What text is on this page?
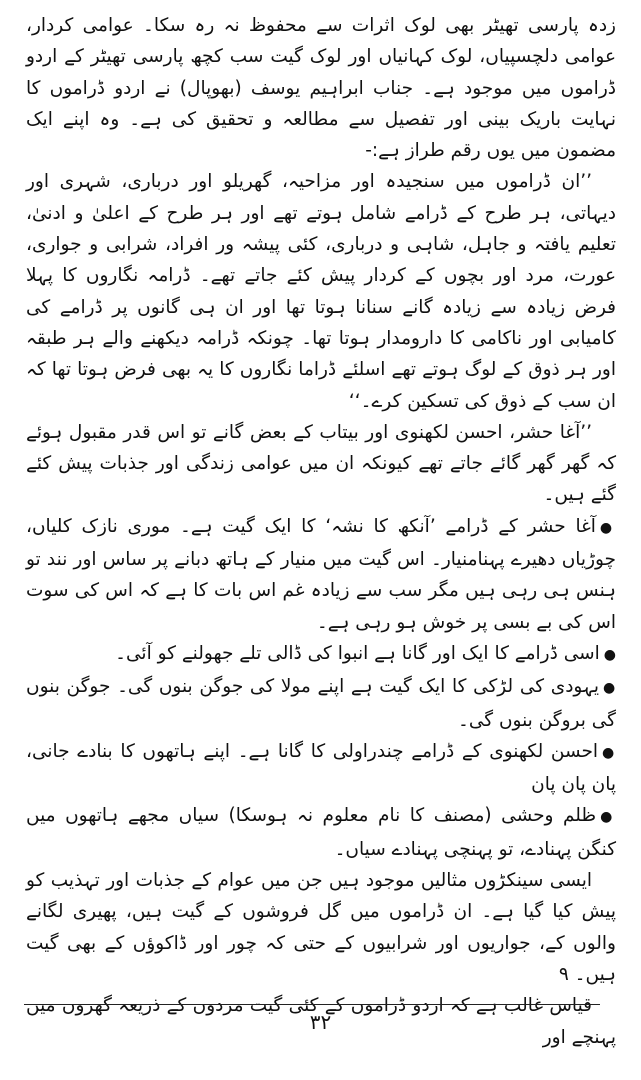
زدہ پارسی تھیٹر بھی لوک اثرات سے محفوظ نہ رہ سکا۔ عوامی کردار، عوامی دلچسپیاں، لوک کہانیاں اور لوک گیت سب کچھ پارسی تھیٹر کے اردو ڈراموں میں موجود ہے۔ جناب ابراہیم یوسف (بھوپال) نے اردو ڈراموں کا نہایت باریک بینی اور تفصیل سے مطالعہ و تحقیق کی ہے۔ وہ اپنے ایک مضمون میں یوں رقم طراز ہے:-

’’ان ڈراموں میں سنجیدہ اور مزاحیہ، گھریلو اور درباری، شہری اور دیہاتی، ہر طرح کے ڈرامے شامل ہوتے تھے اور ہر طرح کے اعلیٰ و ادنیٰ، تعلیم یافتہ و جاہل، شاہی و درباری، کئی پیشہ ور افراد، شرابی و جواری، عورت، مرد اور بچوں کے کردار پیش کئے جاتے تھے۔ ڈرامہ نگاروں کا پہلا فرض زیادہ سے زیادہ گانے سنانا ہوتا تھا اور ان ہی گانوں پر ڈرامے کی کامیابی اور ناکامی کا دارومدار ہوتا تھا۔ چونکہ ڈرامہ دیکھنے والے ہر طبقہ اور ہر ذوق کے لوگ ہوتے تھے اسلئے ڈراما نگاروں کا یہ بھی فرض ہوتا تھا کہ ان سب کے ذوق کی تسکین کرے۔‘‘

’’آغا حشر، احسن لکھنوی اور بیتاب کے بعض گانے تو اس قدر مقبول ہوئے کہ گھر گھر گائے جاتے تھے کیونکہ ان میں عوامی زندگی اور جذبات پیش کئے گئے ہیں۔

●آغا حشر کے ڈرامے ’آنکھ کا نشہ‘ کا ایک گیت ہے۔ موری نازک کلیاں، چوڑیاں دھیرے پہنامنیار۔ اس گیت میں منیار کے ہاتھ دبانے پر ساس اور نند تو ہنس ہی رہی ہیں مگر سب سے زیادہ غم اس بات کا ہے کہ اس کی سوت اس کی بے بسی پر خوش ہو رہی ہے۔

●اسی ڈرامے کا ایک اور گانا ہے انبوا کی ڈالی تلے جھولنے کو آئی۔

●یہودی کی لڑکی کا ایک گیت ہے اپنے مولا کی جوگن بنوں گی۔ جوگن بنوں گی بروگن بنوں گی۔

●احسن لکھنوی کے ڈرامے چندراولی کا گانا ہے۔ اپنے ہاتھوں کا بنادے جانی، پان پان پان

●ظلم وحشی (مصنف کا نام معلوم نہ ہوسکا) سیاں مجھے ہاتھوں میں کنگن پہنادے، تو پہنچی پہنادے سیاں۔

ایسی سینکڑوں مثالیں موجود ہیں جن میں عوام کے جذبات اور تہذیب کو پیش کیا گیا ہے۔ ان ڈراموں میں گل فروشوں کے گیت ہیں، پھیری لگانے والوں کے، جواریوں اور شرابیوں کے حتی کہ چور اور ڈاکوؤں کے بھی گیت ہیں۔ ۹

قیاس غالب ہے کہ اردو ڈراموں کے کئی گیت مردوں کے ذریعہ گھروں میں پہنچے اور

۳۲
